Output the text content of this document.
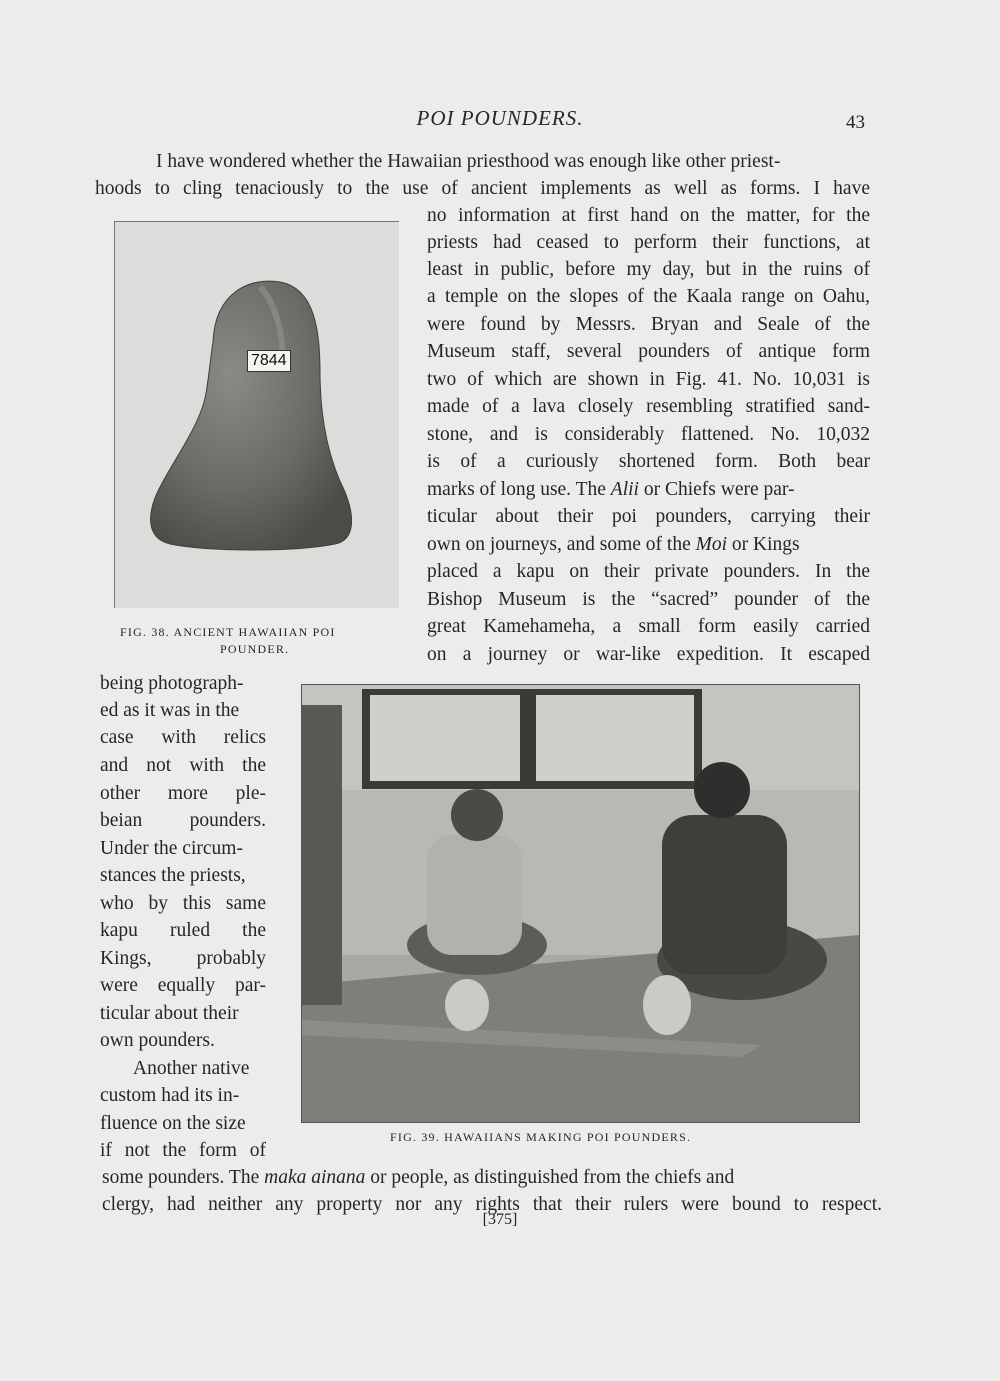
POI POUNDERS.	43
I have wondered whether the Hawaiian priesthood was enough like other priest-
hoods to cling tenaciously to the use of ancient implements as well as forms. I have
no information at first hand on the matter, for the
priests had ceased to perform their functions, at
least in public, before my day, but in the ruins of
a temple on the slopes of the Kaala range on Oahu,
were found by Messrs. Bryan and Seale of the
Museum staff, several pounders of antique form
two of which are shown in Fig. 41. No. 10,031 is
made of a lava closely resembling stratified sand-
stone, and is considerably flattened. No. 10,032
is of a curiously shortened form. Both bear
marks of long use. The Alii or Chiefs were par-
ticular about their poi pounders, carrying their
own on journeys, and some of the Moi or Kings
placed a kapu on their private pounders. In the
Bishop Museum is the “sacred” pounder of the
great Kamehameha, a small form easily carried
on a journey or war-like expedition. It escaped
7844
FIG. 38. ANCIENT HAWAIIAN POI
POUNDER.
being photograph-
ed as it was in the
case with relics
and not with the
other more ple-
beian pounders.
Under the circum-
stances the priests,
who by this same
kapu ruled the
Kings, probably
were equally par-
ticular about their
own pounders.
Another native
custom had its in-
fluence on the size
if not the form of
FIG. 39. HAWAIIANS MAKING POI POUNDERS.
some pounders. The maka ainana or people, as distinguished from the chiefs and
clergy, had neither any property nor any rights that their rulers were bound to respect.
[375]
